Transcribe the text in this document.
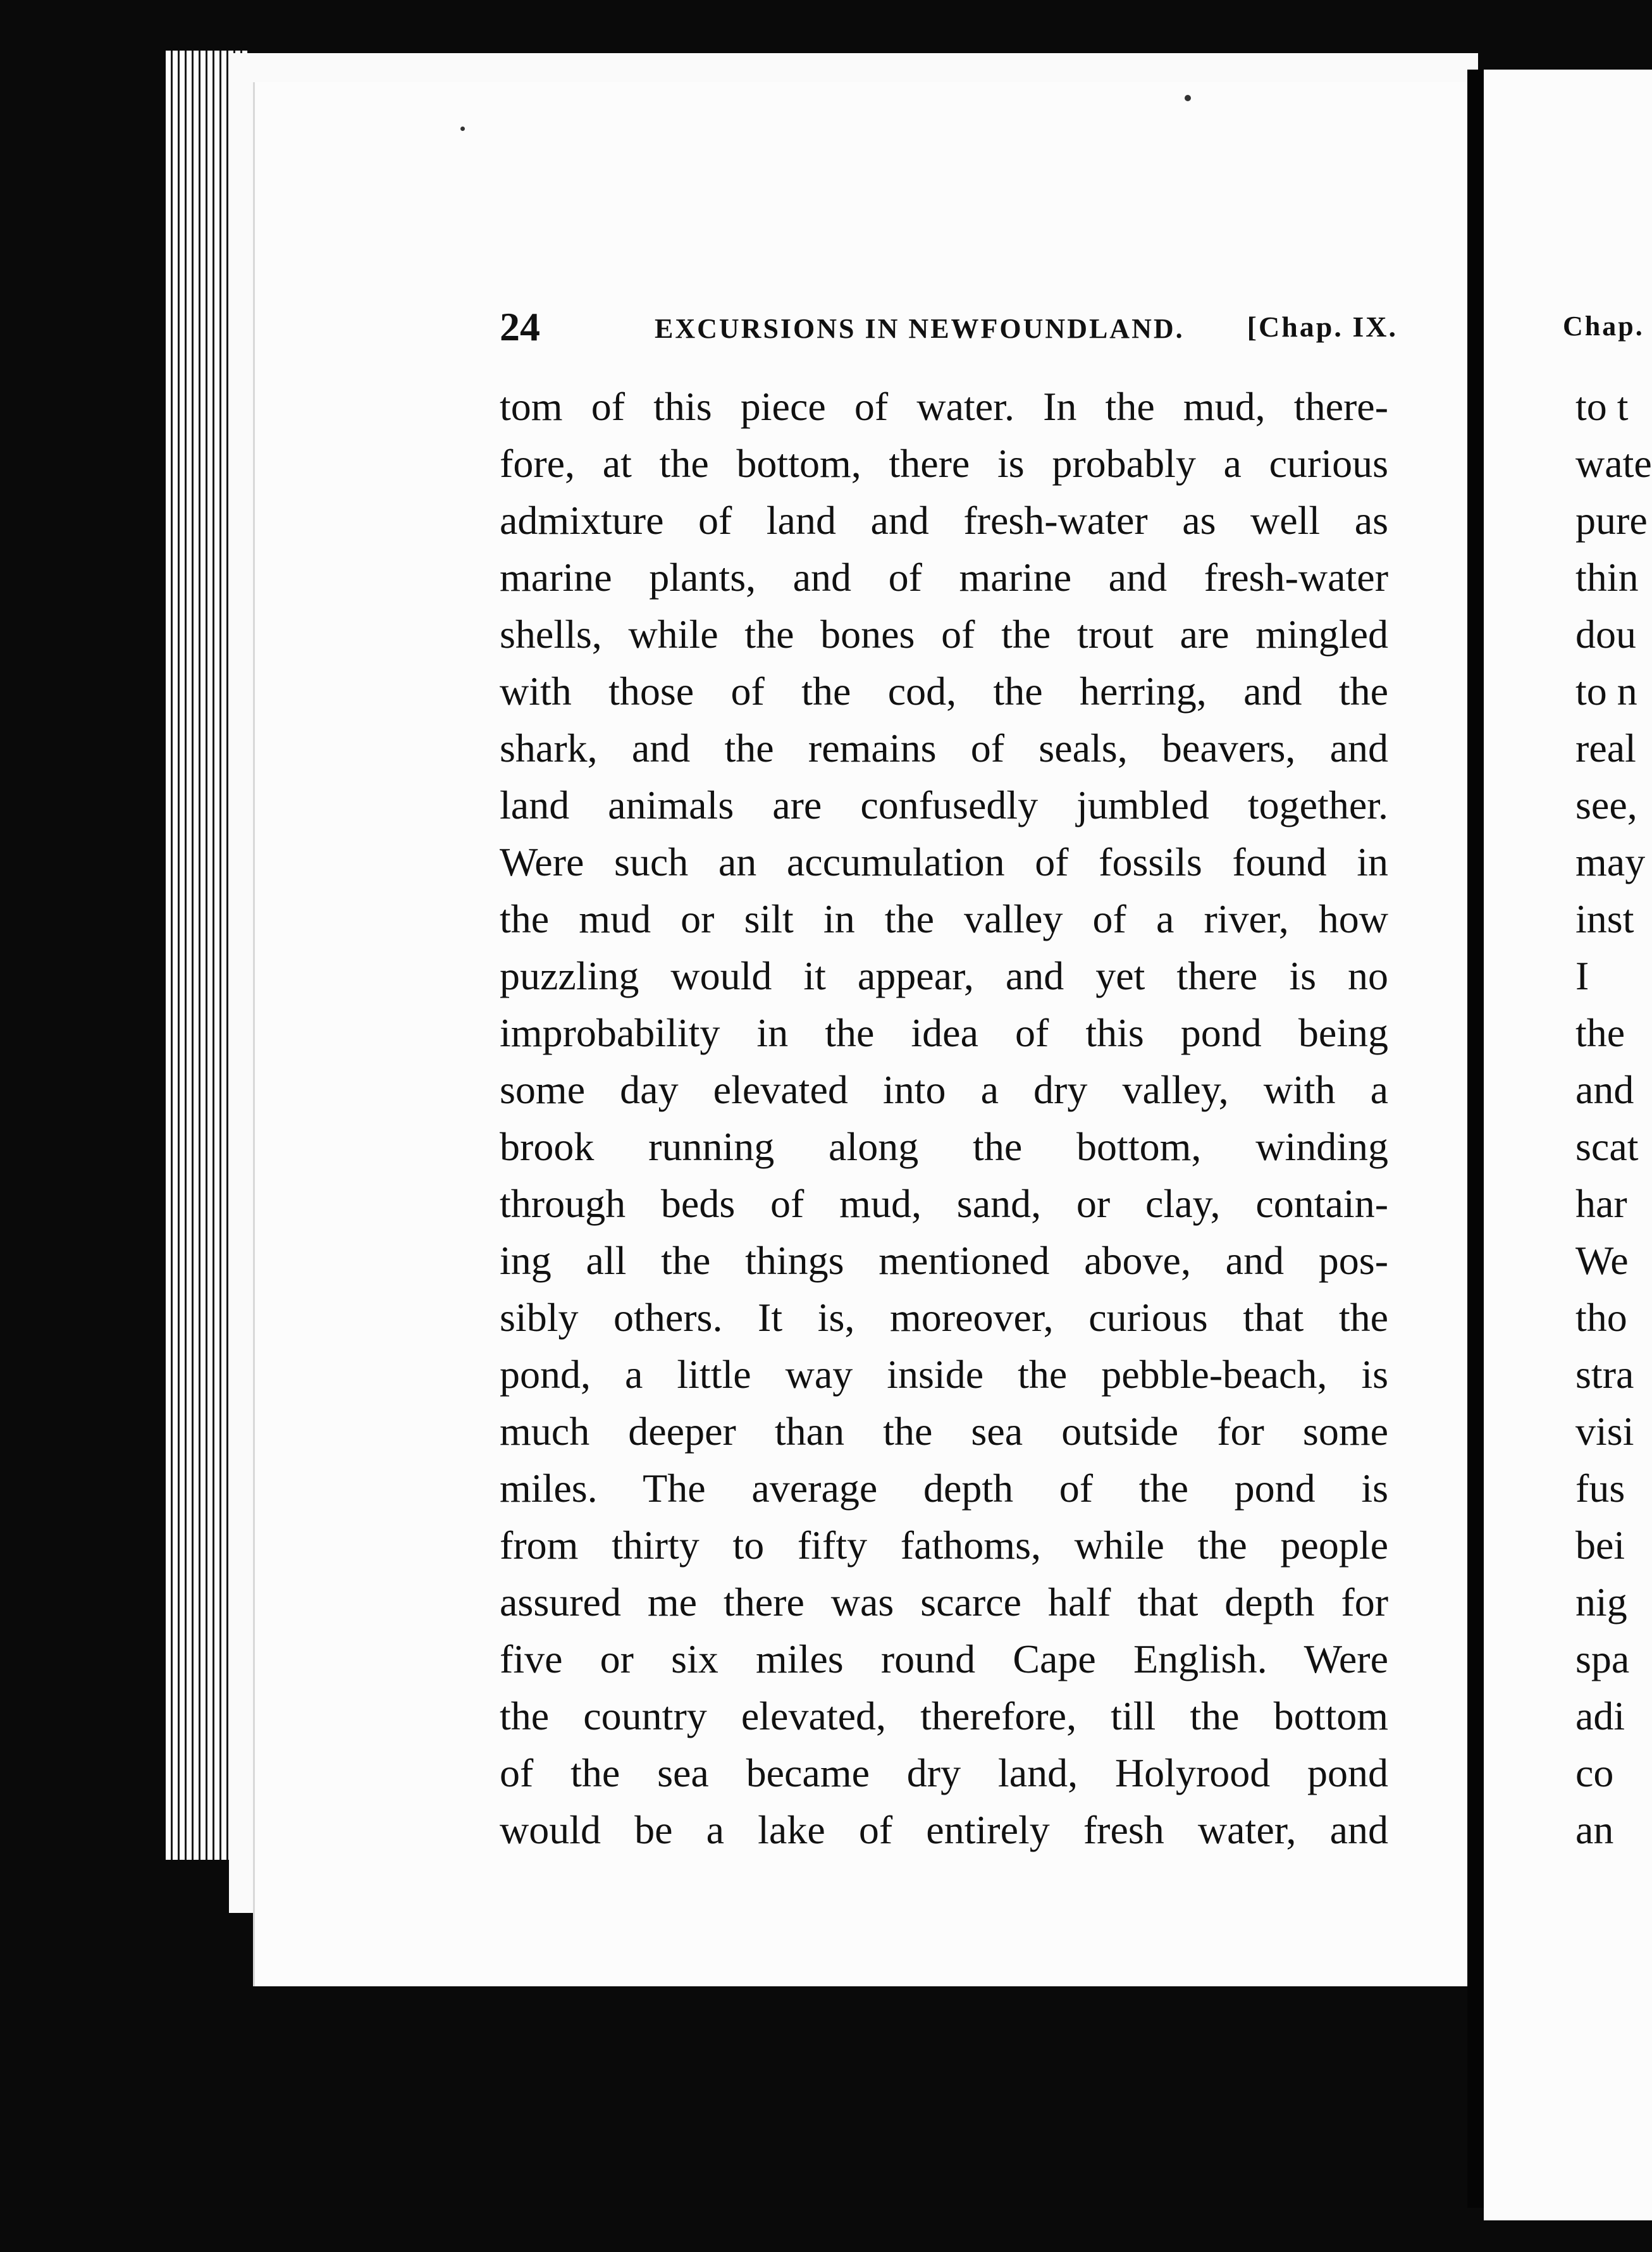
Chap.
to t
wate
pure
thin
dou
to n
real
see,
may
inst
I
the
and
scat
har
We
tho
stra
visi
fus
bei
nig
spa
adi
co
an
24	EXCURSIONS IN NEWFOUNDLAND. [Chap. IX.
tom of this piece of water. In the mud, there-
fore, at the bottom, there is probably a curious
admixture of land and fresh-water as well as
marine plants, and of marine and fresh-water
shells, while the bones of the trout are mingled
with those of the cod, the herring, and the
shark, and the remains of seals, beavers, and
land animals are confusedly jumbled together.
Were such an accumulation of fossils found in
the mud or silt in the valley of a river, how
puzzling would it appear, and yet there is no
improbability in the idea of this pond being
some day elevated into a dry valley, with a
brook running along the bottom, winding
through beds of mud, sand, or clay, contain-
ing all the things mentioned above, and pos-
sibly others. It is, moreover, curious that the
pond, a little way inside the pebble-beach, is
much deeper than the sea outside for some
miles. The average depth of the pond is
from thirty to fifty fathoms, while the people
assured me there was scarce half that depth for
five or six miles round Cape English. Were
the country elevated, therefore, till the bottom
of the sea became dry land, Holyrood pond
would be a lake of entirely fresh water, and
